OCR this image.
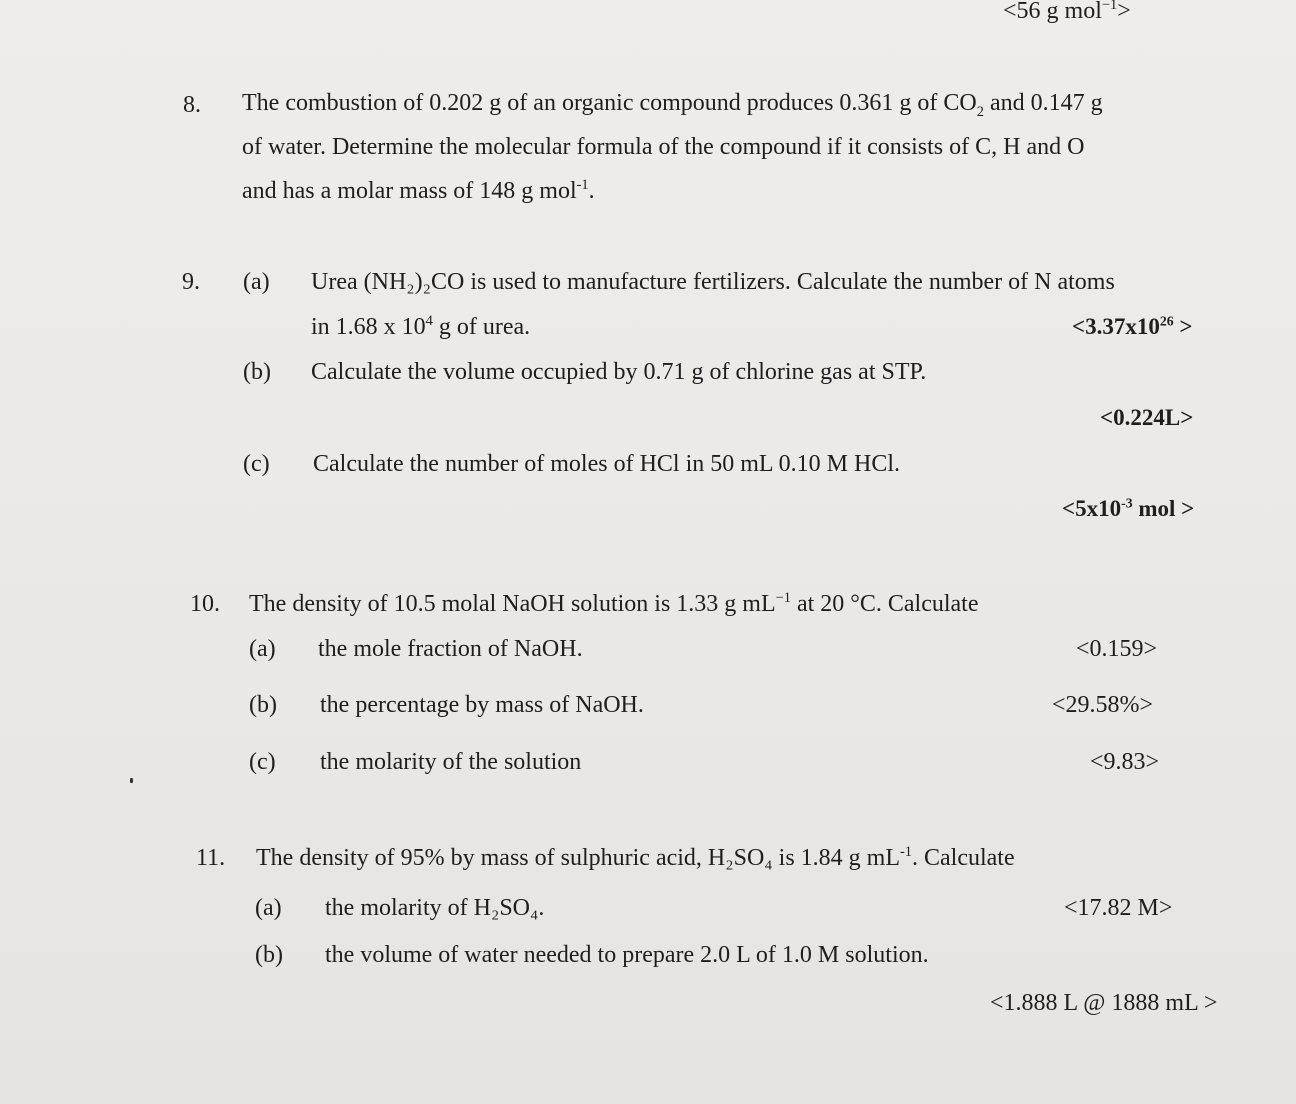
<56 g mol$^{-1}$>
8. The combustion of 0.202 g of an organic compound produces 0.361 g of $CO_2$ and 0.147 g
of water. Determine the molecular formula of the compound if it consists of C, H and O
and has a molar mass of 148 g mol$^{-1}$.
9. (a) Urea (NH₂)₂CO is used to manufacture fertilizers. Calculate the number of N atoms
in 1.68 x $10^4$ g of urea.	$<3.37x10^{26}$ >
(b) Calculate the volume occupied by 0.71 g of chlorine gas at STP.
<0.224L>
(c) Calculate the number of moles of HCl in 50 mL 0.10 M HCl.
$<5x10^{-3}$ mol >
10. The density of 10.5 molal NaOH solution is 1.33 g $mL^{-1}$ at 20 °C. Calculate
(a) the mole fraction of NaOH.	<0.159>
(b) the percentage by mass of NaOH.	<29.58%>
(c) the molarity of the solution	<9.83>
11. The density of 95% by mass of sulphuric acid, H₂SO₄ is 1.84 g $mL^{-1}$. Calculate
(a) the molarity of H₂SO₄.	<17.82 M>
(b) the volume of water needed to prepare 2.0 L of 1.0 M solution.
<1.888 L @ 1888 mL >
